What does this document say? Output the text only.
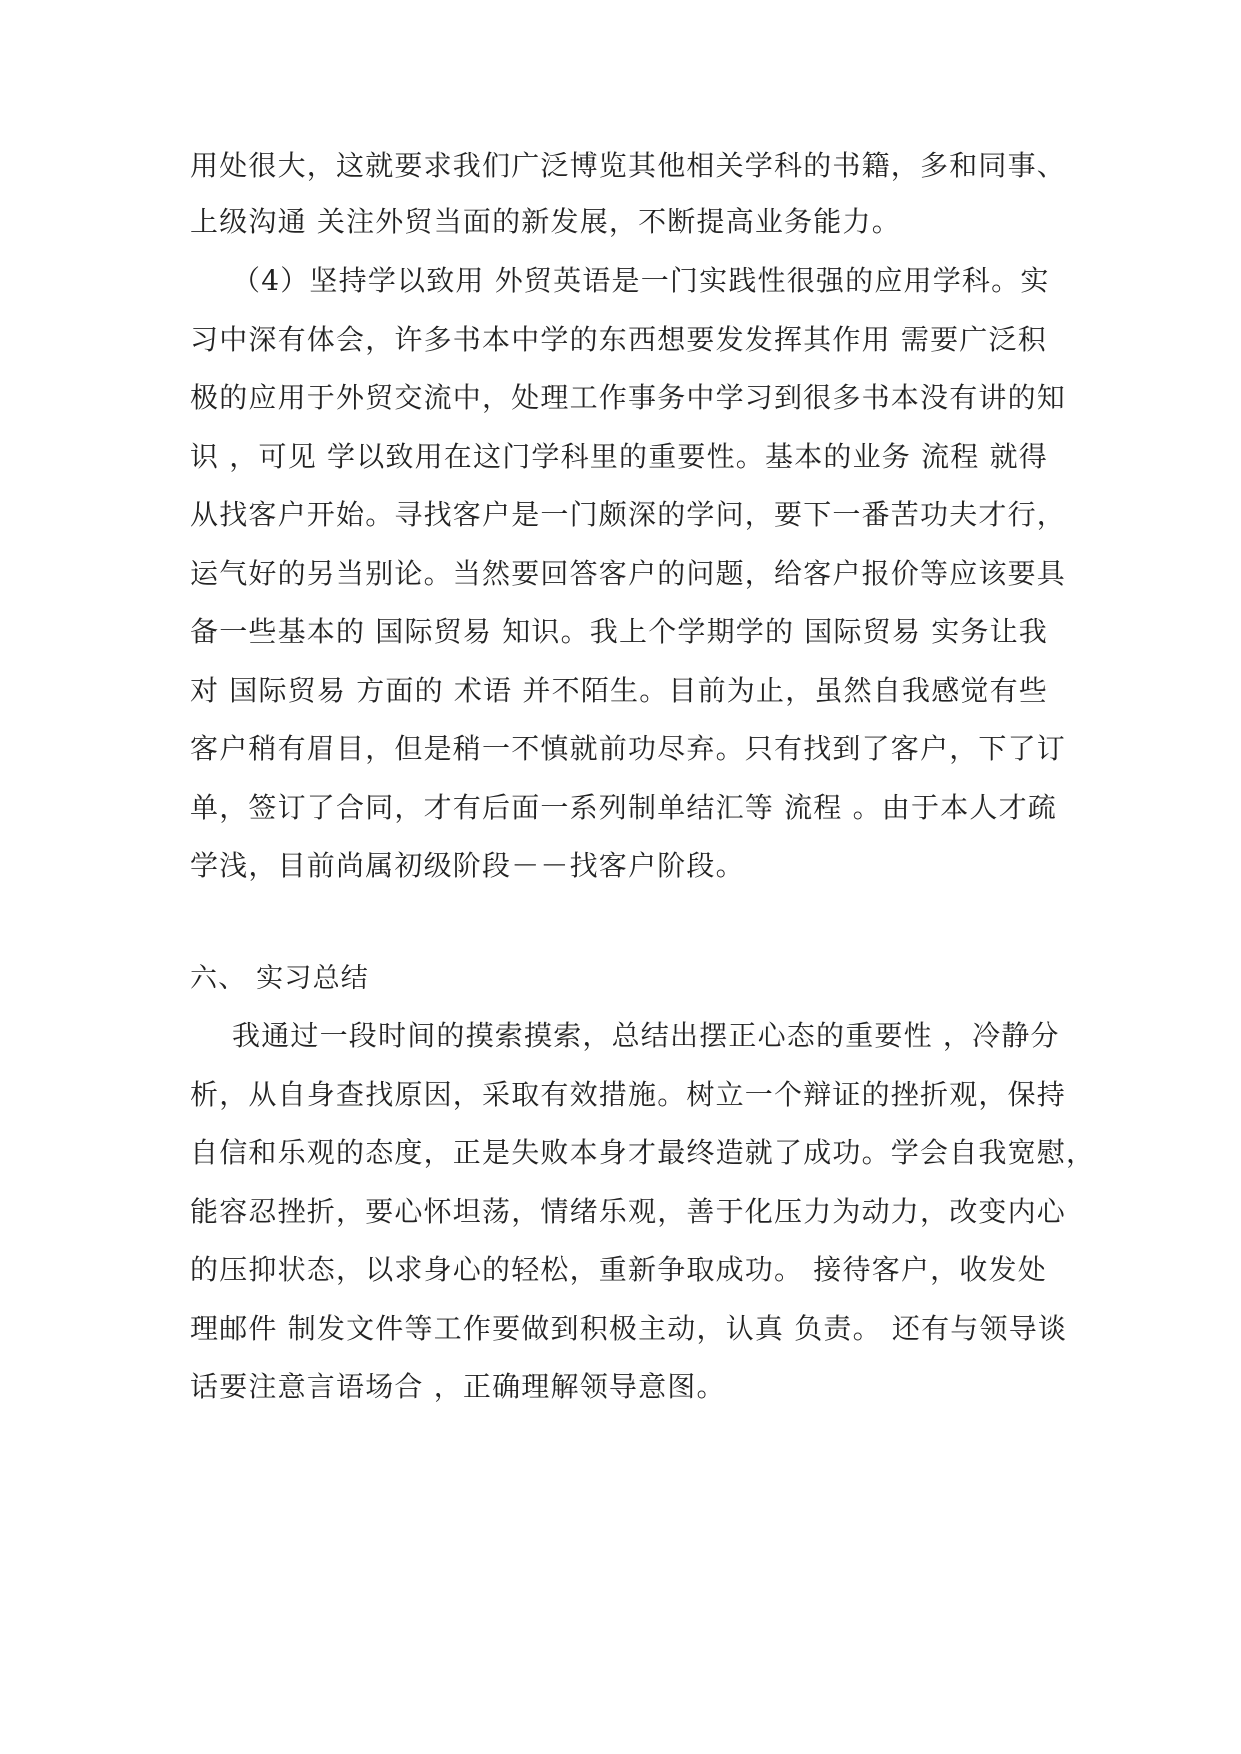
用处很大，这就要求我们广泛博览其他相关学科的书籍，多和同事、
上级沟通 关注外贸当面的新发展，不断提高业务能力。
（4）坚持学以致用 外贸英语是一门实践性很强的应用学科。实
习中深有体会，许多书本中学的东西想要发发挥其作用 需要广泛积
极的应用于外贸交流中，处理工作事务中学习到很多书本没有讲的知
识 ，可见 学以致用在这门学科里的重要性。基本的业务 流程 就得
从找客户开始。寻找客户是一门颇深的学问，要下一番苦功夫才行，
运气好的另当别论。当然要回答客户的问题，给客户报价等应该要具
备一些基本的 国际贸易 知识。我上个学期学的 国际贸易 实务让我
对 国际贸易 方面的 术语 并不陌生。目前为止，虽然自我感觉有些
客户稍有眉目，但是稍一不慎就前功尽弃。只有找到了客户，下了订
单，签订了合同，才有后面一系列制单结汇等 流程 。由于本人才疏
学浅，目前尚属初级阶段－－找客户阶段。
六、 实习总结
我通过一段时间的摸索摸索，总结出摆正心态的重要性 ，冷静分
析，从自身查找原因，采取有效措施。树立一个辩证的挫折观，保持
自信和乐观的态度，正是失败本身才最终造就了成功。学会自我宽慰，
能容忍挫折，要心怀坦荡，情绪乐观，善于化压力为动力，改变内心
的压抑状态，以求身心的轻松，重新争取成功。 接待客户，收发处
理邮件 制发文件等工作要做到积极主动，认真 负责。 还有与领导谈
话要注意言语场合 ，正确理解领导意图。
